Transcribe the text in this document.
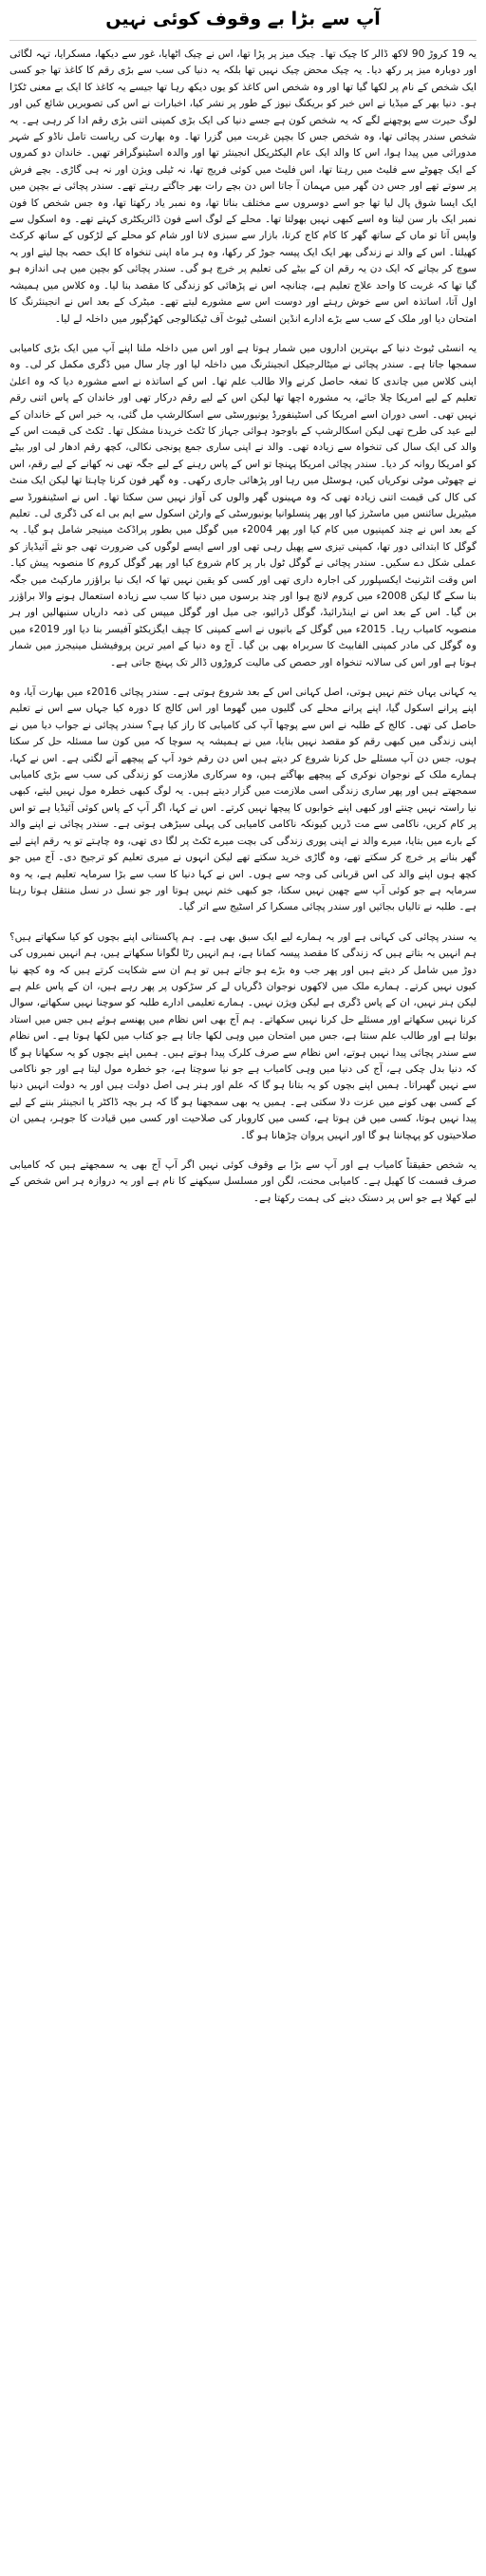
آپ سے بڑا بے وقوف کوئی نہیں

یہ 19 کروڑ 90 لاکھ ڈالر کا چیک تھا۔ چیک میز پر پڑا تھا، اس نے چیک اٹھایا، غور سے دیکھا، مسکرایا، تہہ لگائی اور دوبارہ میز پر رکھ دیا۔ یہ چیک محض چیک نہیں تھا بلکہ یہ دنیا کی سب سے بڑی رقم کا کاغذ تھا جو کسی ایک شخص کے نام پر لکھا گیا تھا اور وہ شخص اس کاغذ کو یوں دیکھ رہا تھا جیسے یہ کاغذ کا ایک بے معنی ٹکڑا ہو۔ دنیا بھر کے میڈیا نے اس خبر کو بریکنگ نیوز کے طور پر نشر کیا، اخبارات نے اس کی تصویریں شائع کیں اور لوگ حیرت سے پوچھنے لگے کہ یہ شخص کون ہے جسے دنیا کی ایک بڑی کمپنی اتنی بڑی رقم ادا کر رہی ہے۔ یہ شخص سندر پچائی تھا، وہ شخص جس کا بچپن غربت میں گزرا تھا۔ وہ بھارت کی ریاست تامل ناڈو کے شہر مدورائی میں پیدا ہوا، اس کا والد ایک عام الیکٹریکل انجینئر تھا اور والدہ اسٹینوگرافر تھیں۔ خاندان دو کمروں کے ایک چھوٹے سے فلیٹ میں رہتا تھا، اس فلیٹ میں کوئی فریج تھا، نہ ٹیلی ویژن اور نہ ہی گاڑی۔ بچے فرش پر سوتے تھے اور جس دن گھر میں مہمان آ جاتا اس دن بچے رات بھر جاگتے رہتے تھے۔ سندر پچائی نے بچپن میں ایک ایسا شوق پال لیا تھا جو اسے دوسروں سے مختلف بناتا تھا، وہ نمبر یاد رکھتا تھا، وہ جس شخص کا فون نمبر ایک بار سن لیتا وہ اسے کبھی نہیں بھولتا تھا۔ محلے کے لوگ اسے فون ڈائریکٹری کہتے تھے۔ وہ اسکول سے واپس آتا تو ماں کے ساتھ گھر کا کام کاج کرتا، بازار سے سبزی لاتا اور شام کو محلے کے لڑکوں کے ساتھ کرکٹ کھیلتا۔ اس کے والد نے زندگی بھر ایک ایک پیسہ جوڑ کر رکھا، وہ ہر ماہ اپنی تنخواہ کا ایک حصہ بچا لیتے اور یہ سوچ کر بچاتے کہ ایک دن یہ رقم ان کے بیٹے کی تعلیم پر خرچ ہو گی۔ سندر پچائی کو بچپن میں ہی اندازہ ہو گیا تھا کہ غربت کا واحد علاج تعلیم ہے، چنانچہ اس نے پڑھائی کو زندگی کا مقصد بنا لیا۔ وہ کلاس میں ہمیشہ اول آتا، اساتذہ اس سے خوش رہتے اور دوست اس سے مشورے لیتے تھے۔ میٹرک کے بعد اس نے انجینئرنگ کا امتحان دیا اور ملک کے سب سے بڑے ادارے انڈین انسٹی ٹیوٹ آف ٹیکنالوجی کھڑگپور میں داخلہ لے لیا۔

یہ انسٹی ٹیوٹ دنیا کے بہترین اداروں میں شمار ہوتا ہے اور اس میں داخلہ ملنا اپنے آپ میں ایک بڑی کامیابی سمجھا جاتا ہے۔ سندر پچائی نے میٹالرجیکل انجینئرنگ میں داخلہ لیا اور چار سال میں ڈگری مکمل کر لی۔ وہ اپنی کلاس میں چاندی کا تمغہ حاصل کرنے والا طالب علم تھا۔ اس کے اساتذہ نے اسے مشورہ دیا کہ وہ اعلیٰ تعلیم کے لیے امریکا چلا جائے، یہ مشورہ اچھا تھا لیکن اس کے لیے رقم درکار تھی اور خاندان کے پاس اتنی رقم نہیں تھی۔ اسی دوران اسے امریکا کی اسٹینفورڈ یونیورسٹی سے اسکالرشپ مل گئی، یہ خبر اس کے خاندان کے لیے عید کی طرح تھی لیکن اسکالرشپ کے باوجود ہوائی جہاز کا ٹکٹ خریدنا مشکل تھا۔ ٹکٹ کی قیمت اس کے والد کی ایک سال کی تنخواہ سے زیادہ تھی۔ والد نے اپنی ساری جمع پونجی نکالی، کچھ رقم ادھار لی اور بیٹے کو امریکا روانہ کر دیا۔ سندر پچائی امریکا پہنچا تو اس کے پاس رہنے کے لیے جگہ تھی نہ کھانے کے لیے رقم، اس نے چھوٹی موٹی نوکریاں کیں، ہوسٹل میں رہا اور پڑھائی جاری رکھی۔ وہ گھر فون کرنا چاہتا تھا لیکن ایک منٹ کی کال کی قیمت اتنی زیادہ تھی کہ وہ مہینوں گھر والوں کی آواز نہیں سن سکتا تھا۔ اس نے اسٹینفورڈ سے میٹیریل سائنس میں ماسٹرز کیا اور پھر پنسلوانیا یونیورسٹی کے وارٹن اسکول سے ایم بی اے کی ڈگری لی۔ تعلیم کے بعد اس نے چند کمپنیوں میں کام کیا اور پھر 2004ء میں گوگل میں بطور پراڈکٹ مینیجر شامل ہو گیا۔ یہ گوگل کا ابتدائی دور تھا، کمپنی تیزی سے پھیل رہی تھی اور اسے ایسے لوگوں کی ضرورت تھی جو نئے آئیڈیاز کو عملی شکل دے سکیں۔ سندر پچائی نے گوگل ٹول بار پر کام شروع کیا اور پھر گوگل کروم کا منصوبہ پیش کیا۔ اس وقت انٹرنیٹ ایکسپلورر کی اجارہ داری تھی اور کسی کو یقین نہیں تھا کہ ایک نیا براؤزر مارکیٹ میں جگہ بنا سکے گا لیکن 2008ء میں کروم لانچ ہوا اور چند برسوں میں دنیا کا سب سے زیادہ استعمال ہونے والا براؤزر بن گیا۔ اس کے بعد اس نے اینڈرائیڈ، گوگل ڈرائیو، جی میل اور گوگل میپس کی ذمہ داریاں سنبھالیں اور ہر منصوبہ کامیاب رہا۔ 2015ء میں گوگل کے بانیوں نے اسے کمپنی کا چیف ایگزیکٹو آفیسر بنا دیا اور 2019ء میں وہ گوگل کی مادر کمپنی الفابیٹ کا سربراہ بھی بن گیا۔ آج وہ دنیا کے امیر ترین پروفیشنل مینیجرز میں شمار ہوتا ہے اور اس کی سالانہ تنخواہ اور حصص کی مالیت کروڑوں ڈالر تک پہنچ جاتی ہے۔

یہ کہانی یہاں ختم نہیں ہوتی، اصل کہانی اس کے بعد شروع ہوتی ہے۔ سندر پچائی 2016ء میں بھارت آیا، وہ اپنے پرانے اسکول گیا، اپنے پرانے محلے کی گلیوں میں گھوما اور اس کالج کا دورہ کیا جہاں سے اس نے تعلیم حاصل کی تھی۔ کالج کے طلبہ نے اس سے پوچھا آپ کی کامیابی کا راز کیا ہے؟ سندر پچائی نے جواب دیا میں نے اپنی زندگی میں کبھی رقم کو مقصد نہیں بنایا، میں نے ہمیشہ یہ سوچا کہ میں کون سا مسئلہ حل کر سکتا ہوں، جس دن آپ مسئلے حل کرنا شروع کر دیتے ہیں اس دن رقم خود آپ کے پیچھے آنے لگتی ہے۔ اس نے کہا، ہمارے ملک کے نوجوان نوکری کے پیچھے بھاگتے ہیں، وہ سرکاری ملازمت کو زندگی کی سب سے بڑی کامیابی سمجھتے ہیں اور پھر ساری زندگی اسی ملازمت میں گزار دیتے ہیں۔ یہ لوگ کبھی خطرہ مول نہیں لیتے، کبھی نیا راستہ نہیں چنتے اور کبھی اپنے خوابوں کا پیچھا نہیں کرتے۔ اس نے کہا، اگر آپ کے پاس کوئی آئیڈیا ہے تو اس پر کام کریں، ناکامی سے مت ڈریں کیونکہ ناکامی کامیابی کی پہلی سیڑھی ہوتی ہے۔ سندر پچائی نے اپنے والد کے بارے میں بتایا، میرے والد نے اپنی پوری زندگی کی بچت میرے ٹکٹ پر لگا دی تھی، وہ چاہتے تو یہ رقم اپنے لیے گھر بنانے پر خرچ کر سکتے تھے، وہ گاڑی خرید سکتے تھے لیکن انہوں نے میری تعلیم کو ترجیح دی۔ آج میں جو کچھ ہوں اپنے والد کی اس قربانی کی وجہ سے ہوں۔ اس نے کہا دنیا کا سب سے بڑا سرمایہ تعلیم ہے، یہ وہ سرمایہ ہے جو کوئی آپ سے چھین نہیں سکتا، جو کبھی ختم نہیں ہوتا اور جو نسل در نسل منتقل ہوتا رہتا ہے۔ طلبہ نے تالیاں بجائیں اور سندر پچائی مسکرا کر اسٹیج سے اتر گیا۔

یہ سندر پچائی کی کہانی ہے اور یہ ہمارے لیے ایک سبق بھی ہے۔ ہم پاکستانی اپنے بچوں کو کیا سکھاتے ہیں؟ ہم انہیں یہ بتاتے ہیں کہ زندگی کا مقصد پیسہ کمانا ہے، ہم انہیں رٹا لگوانا سکھاتے ہیں، ہم انہیں نمبروں کی دوڑ میں شامل کر دیتے ہیں اور پھر جب وہ بڑے ہو جاتے ہیں تو ہم ان سے شکایت کرتے ہیں کہ وہ کچھ نیا کیوں نہیں کرتے۔ ہمارے ملک میں لاکھوں نوجوان ڈگریاں لے کر سڑکوں پر پھر رہے ہیں، ان کے پاس علم ہے لیکن ہنر نہیں، ان کے پاس ڈگری ہے لیکن ویژن نہیں۔ ہمارے تعلیمی ادارے طلبہ کو سوچنا نہیں سکھاتے، سوال کرنا نہیں سکھاتے اور مسئلے حل کرنا نہیں سکھاتے۔ ہم آج بھی اس نظام میں پھنسے ہوئے ہیں جس میں استاد بولتا ہے اور طالب علم سنتا ہے، جس میں امتحان میں وہی لکھا جاتا ہے جو کتاب میں لکھا ہوتا ہے۔ اس نظام سے سندر پچائی پیدا نہیں ہوتے، اس نظام سے صرف کلرک پیدا ہوتے ہیں۔ ہمیں اپنے بچوں کو یہ سکھانا ہو گا کہ دنیا بدل چکی ہے، آج کی دنیا میں وہی کامیاب ہے جو نیا سوچتا ہے، جو خطرہ مول لیتا ہے اور جو ناکامی سے نہیں گھبراتا۔ ہمیں اپنے بچوں کو یہ بتانا ہو گا کہ علم اور ہنر ہی اصل دولت ہیں اور یہ دولت انہیں دنیا کے کسی بھی کونے میں عزت دلا سکتی ہے۔ ہمیں یہ بھی سمجھنا ہو گا کہ ہر بچہ ڈاکٹر یا انجینئر بننے کے لیے پیدا نہیں ہوتا، کسی میں فن ہوتا ہے، کسی میں کاروبار کی صلاحیت اور کسی میں قیادت کا جوہر، ہمیں ان صلاحیتوں کو پہچاننا ہو گا اور انہیں پروان چڑھانا ہو گا۔

یہ شخص حقیقتاً کامیاب ہے اور آپ سے بڑا بے وقوف کوئی نہیں اگر آپ آج بھی یہ سمجھتے ہیں کہ کامیابی صرف قسمت کا کھیل ہے۔ کامیابی محنت، لگن اور مسلسل سیکھنے کا نام ہے اور یہ دروازہ ہر اس شخص کے لیے کھلا ہے جو اس پر دستک دینے کی ہمت رکھتا ہے۔
